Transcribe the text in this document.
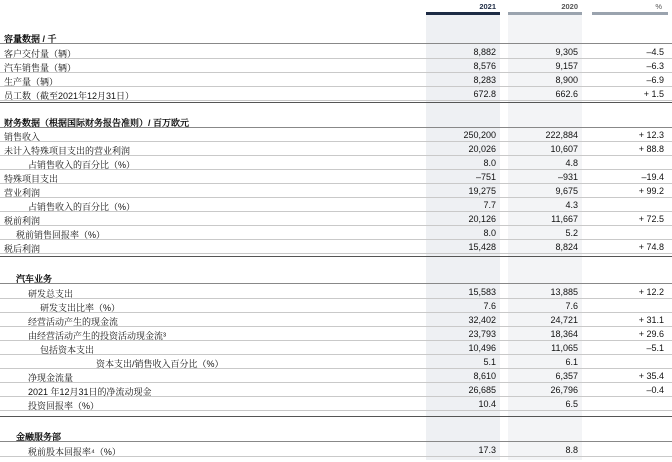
2021	2020	%
容量数据 / 千
客户交付量（辆）	8,882	9,305	–4.5
汽车销售量（辆）	8,576	9,157	–6.3
生产量（辆）	8,283	8,900	–6.9
员工数（截至2021年12月31日）	672.8	662.6	+ 1.5
财务数据（根据国际财务报告准则）/ 百万欧元
销售收入	250,200	222,884	+ 12.3
未计入特殊项目支出的营业利润	20,026	10,607	+ 88.8
占销售收入的百分比（%）	8.0	4.8
特殊项目支出	–751	–931	–19.4
营业利润	19,275	9,675	+ 99.2
占销售收入的百分比（%）	7.7	4.3
税前利润	20,126	11,667	+ 72.5
税前销售回报率（%）	8.0	5.2
税后利润	15,428	8,824	+ 74.8
汽车业务
研发总支出	15,583	13,885	+ 12.2
研发支出比率（%）	7.6	7.6
经营活动产生的现金流	32,402	24,721	+ 31.1
由经营活动产生的投资活动现金流³	23,793	18,364	+ 29.6
包括资本支出	10,496	11,065	–5.1
资本支出/销售收入百分比（%）	5.1	6.1
净现金流量	8,610	6,357	+ 35.4
2021 年12月31日的净流动现金	26,685	26,796	–0.4
投资回报率（%）	10.4	6.5
金融服务部
税前股本回报率⁴（%）	17.3	8.8
